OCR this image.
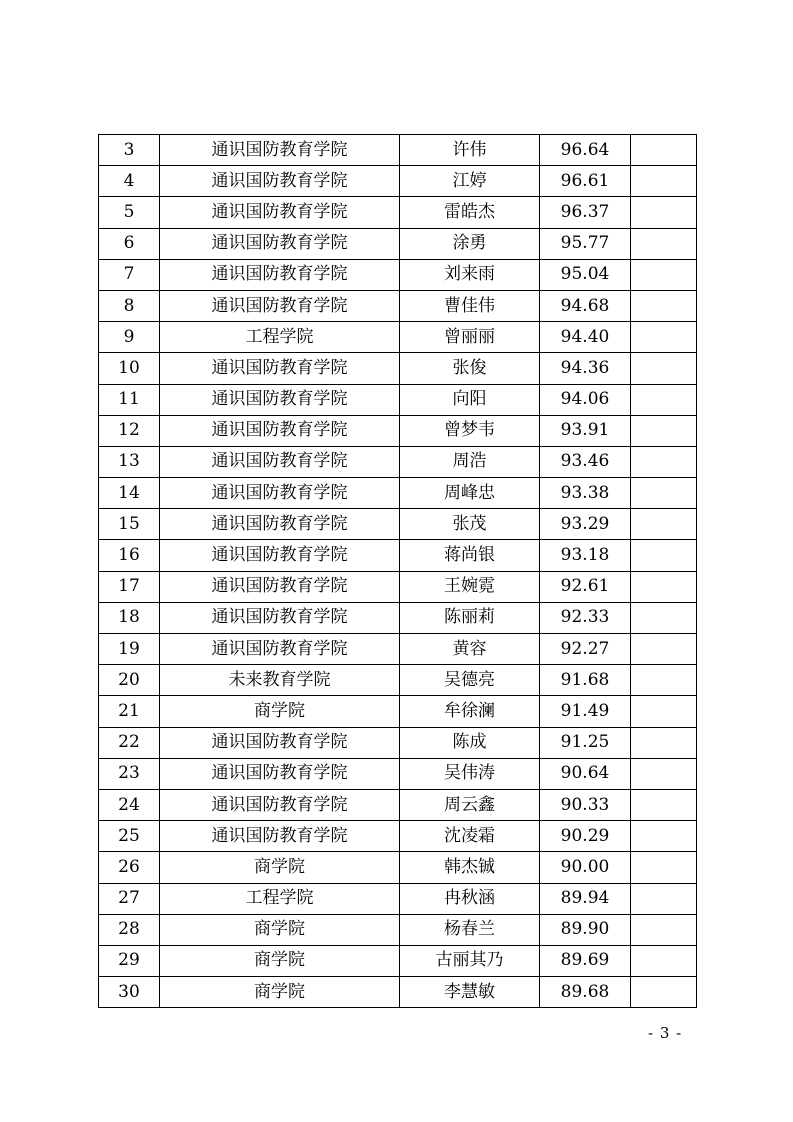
3	通识国防教育学院	许伟	96.64	
4	通识国防教育学院	江婷	96.61	
5	通识国防教育学院	雷皓杰	96.37	
6	通识国防教育学院	涂勇	95.77	
7	通识国防教育学院	刘来雨	95.04	
8	通识国防教育学院	曹佳伟	94.68	
9	工程学院	曾丽丽	94.40	
10	通识国防教育学院	张俊	94.36	
11	通识国防教育学院	向阳	94.06	
12	通识国防教育学院	曾梦韦	93.91	
13	通识国防教育学院	周浩	93.46	
14	通识国防教育学院	周峰忠	93.38	
15	通识国防教育学院	张茂	93.29	
16	通识国防教育学院	蒋尚银	93.18	
17	通识国防教育学院	王婉霓	92.61	
18	通识国防教育学院	陈丽莉	92.33	
19	通识国防教育学院	黄容	92.27	
20	未来教育学院	吴德亮	91.68	
21	商学院	牟徐澜	91.49	
22	通识国防教育学院	陈成	91.25	
23	通识国防教育学院	吴伟涛	90.64	
24	通识国防教育学院	周云鑫	90.33	
25	通识国防教育学院	沈凌霜	90.29	
26	商学院	韩杰铖	90.00	
27	工程学院	冉秋涵	89.94	
28	商学院	杨春兰	89.90	
29	商学院	古丽其乃	89.69	
30	商学院	李慧敏	89.68	
- 3 -
